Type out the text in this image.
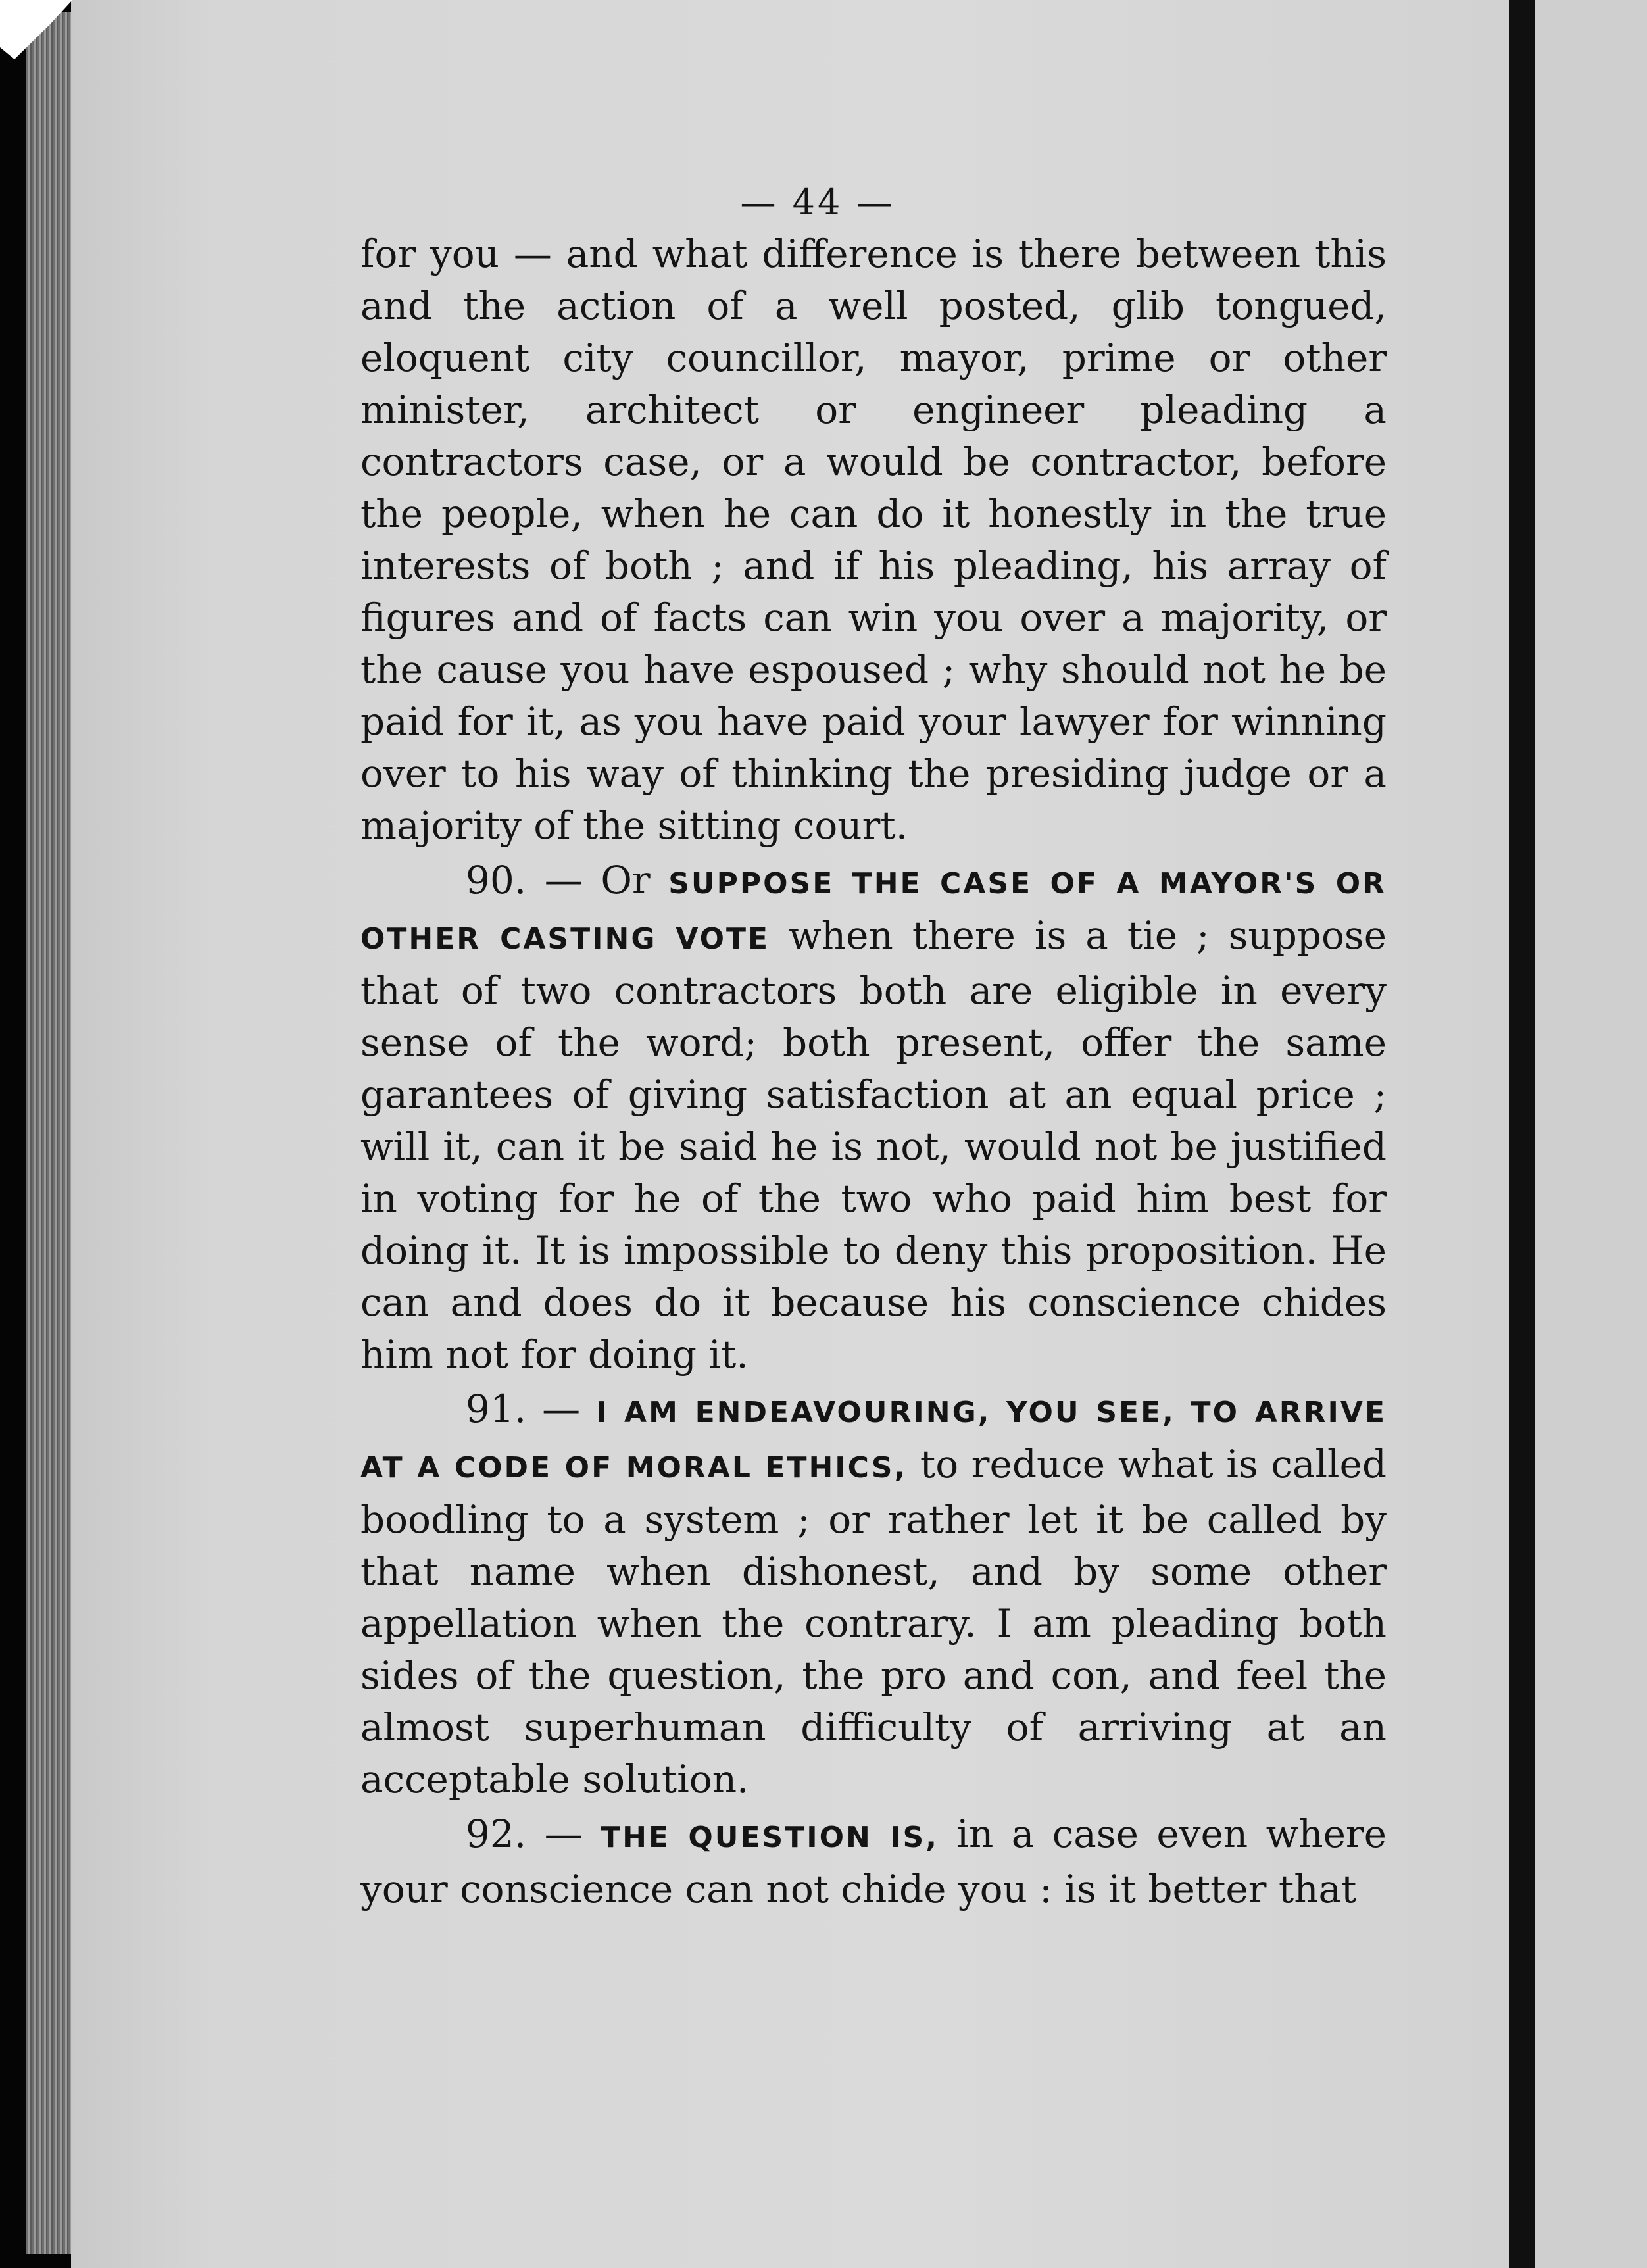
— 44 —

for you — and what difference is there between this and the action of a well posted, glib tongued, eloquent city councillor, mayor, prime or other minister, architect or engineer pleading a contractors case, or a would be contractor, before the people, when he can do it honestly in the true interests of both ; and if his pleading, his array of figures and of facts can win you over a majority, or the cause you have espoused ; why should not he be paid for it, as you have paid your lawyer for winning over to his way of thinking the presiding judge or a majority of the sitting court.

90. — Or SUPPOSE THE CASE OF A MAYOR'S OR OTHER CASTING VOTE when there is a tie ; suppose that of two contractors both are eligible in every sense of the word; both present, offer the same garantees of giving satisfaction at an equal price ; will it, can it be said he is not, would not be justified in voting for he of the two who paid him best for doing it. It is impossible to deny this proposition. He can and does do it because his conscience chides him not for doing it.

91. — I AM ENDEAVOURING, YOU SEE, TO ARRIVE AT A CODE OF MORAL ETHICS, to reduce what is called boodling to a system ; or rather let it be called by that name when dishonest, and by some other appellation when the contrary. I am pleading both sides of the question, the pro and con, and feel the almost superhuman difficulty of arriving at an acceptable solution.

92. — THE QUESTION IS, in a case even where your conscience can not chide you : is it better that
